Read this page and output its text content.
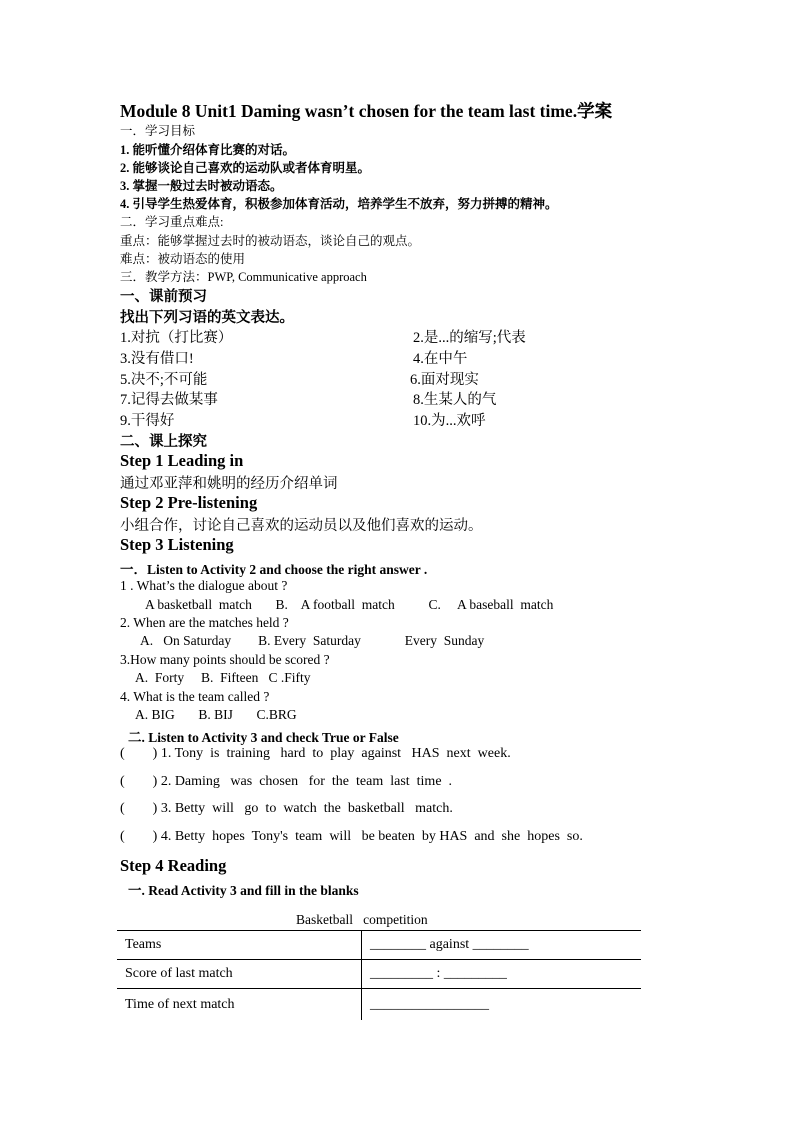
Module 8 Unit1 Daming wasn’t chosen for the team last time.学案
一．学习目标
1. 能听懂介绍体育比赛的对话。
2. 能够谈论自己喜欢的运动队或者体育明星。
3. 掌握一般过去时被动语态。
4. 引导学生热爱体育，积极参加体育活动，培养学生不放弃，努力拼搏的精神。
二．学习重点难点:
重点：能够掌握过去时的被动语态，谈论自己的观点。
难点：被动语态的使用
三．教学方法：PWP, Communicative approach
一、课前预习
找出下列习语的英文表达。
1.对抗（打比赛）	2.是...的缩写;代表
3.没有借口!	4.在中午
5.决不;不可能	6.面对现实
7.记得去做某事	8.生某人的气
9.干得好	10.为...欢呼
二、课上探究
Step 1 Leading in
通过邓亚萍和姚明的经历介绍单词
Step 2 Pre-listening
小组合作，讨论自己喜欢的运动员以及他们喜欢的运动。
Step 3 Listening
一．Listen to Activity 2 and choose the right answer .
1 . What’s the dialogue about ?
A basketball  match       B.    A football  match          C.     A baseball  match
2. When are the matches held ?
A.   On Saturday        B. Every  Saturday             Every  Sunday
3.How many points should be scored ?
A.  Forty     B.  Fifteen   C .Fifty
4. What is the team called ?
A. BIG       B. BIJ       C.BRG
二. Listen to Activity 3 and check True or False
(        ) 1. Tony  is  training   hard  to  play  against   HAS  next  week.
(        ) 2. Daming   was  chosen   for  the  team  last  time  .
(        ) 3. Betty  will   go  to  watch  the  basketball   match.
(        ) 4. Betty  hopes  Tony's  team  will   be beaten  by HAS  and  she  hopes  so.
Step 4 Reading
一. Read Activity 3 and fill in the blanks
Basketball   competition
Teams	________ against ________
Score of last match	_________ : _________
Time of next match	_________________
